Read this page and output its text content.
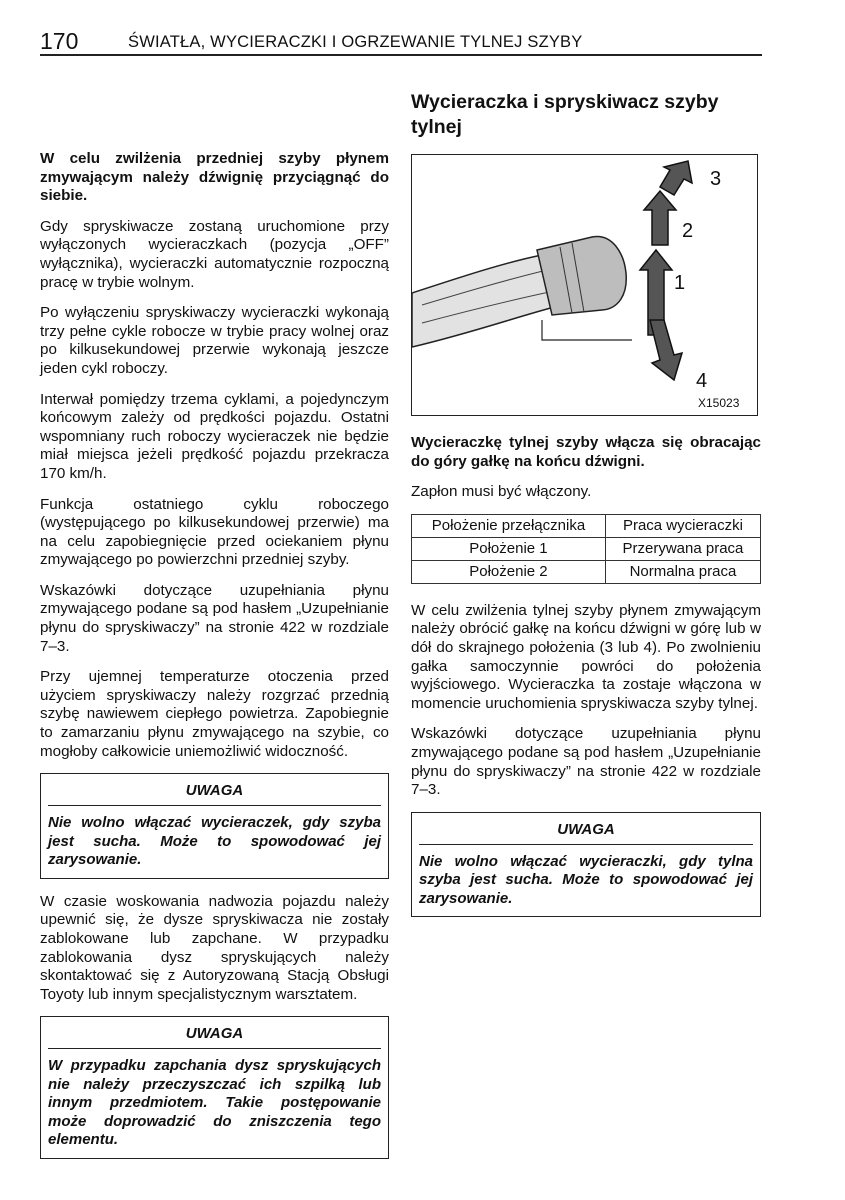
170	ŚWIATŁA, WYCIERACZKI I OGRZEWANIE TYLNEJ SZYBY

W celu zwilżenia przedniej szyby płynem zmywającym należy dźwignię przyciągnąć do siebie.

Gdy spryskiwacze zostaną uruchomione przy wyłączonych wycieraczkach (pozycja „OFF” wyłącznika), wycieraczki automatycznie rozpoczną pracę w trybie wolnym.

Po wyłączeniu spryskiwaczy wycieraczki wykonają trzy pełne cykle robocze w trybie pracy wolnej oraz po kilkusekundowej przerwie wykonają jeszcze jeden cykl roboczy.

Interwał pomiędzy trzema cyklami, a pojedynczym końcowym zależy od prędkości pojazdu. Ostatni wspomniany ruch roboczy wycieraczek nie będzie miał miejsca jeżeli prędkość pojazdu przekracza 170 km/h.

Funkcja ostatniego cyklu roboczego (występującego po kilkusekundowej przerwie) ma na celu zapobiegnięcie przed ociekaniem płynu zmywającego po powierzchni przedniej szyby.

Wskazówki dotyczące uzupełniania płynu zmywającego podane są pod hasłem „Uzupełnianie płynu do spryskiwaczy” na stronie 422 w rozdziale 7–3.

Przy ujemnej temperaturze otoczenia przed użyciem spryskiwaczy należy rozgrzać przednią szybę nawiewem ciepłego powietrza. Zapobiegnie to zamarzaniu płynu zmywającego na szybie, co mogłoby całkowicie uniemożliwić widoczność.

UWAGA

Nie wolno włączać wycieraczek, gdy szyba jest sucha. Może to spowodować jej zarysowanie.

W czasie woskowania nadwozia pojazdu należy upewnić się, że dysze spryskiwacza nie zostały zablokowane lub zapchane. W przypadku zablokowania dysz spryskujących należy skontaktować się z Autoryzowaną Stacją Obsługi Toyoty lub innym specjalistycznym warsztatem.

UWAGA

W przypadku zapchania dysz spryskujących nie należy przeczyszczać ich szpilką lub innym przedmiotem. Takie postępowanie może doprowadzić do zniszczenia tego elementu.

Wycieraczka i spryskiwacz szyby tylnej
1
2
3
4
X15023

Wycieraczkę tylnej szyby włącza się obracając do góry gałkę na końcu dźwigni.

Zapłon musi być włączony.

Położenie przełącznika	Praca wycieraczki
Położenie 1	Przerywana praca
Położenie 2	Normalna praca

W celu zwilżenia tylnej szyby płynem zmywającym należy obrócić gałkę na końcu dźwigni w górę lub w dół do skrajnego położenia (3 lub 4). Po zwolnieniu gałka samoczynnie powróci do położenia wyjściowego. Wycieraczka ta zostaje włączona w momencie uruchomienia spryskiwacza szyby tylnej.

Wskazówki dotyczące uzupełniania płynu zmywającego podane są pod hasłem „Uzupełnianie płynu do spryskiwaczy” na stronie 422 w rozdziale 7–3.

UWAGA

Nie wolno włączać wycieraczki, gdy tylna szyba jest sucha. Może to spowodować jej zarysowanie.
